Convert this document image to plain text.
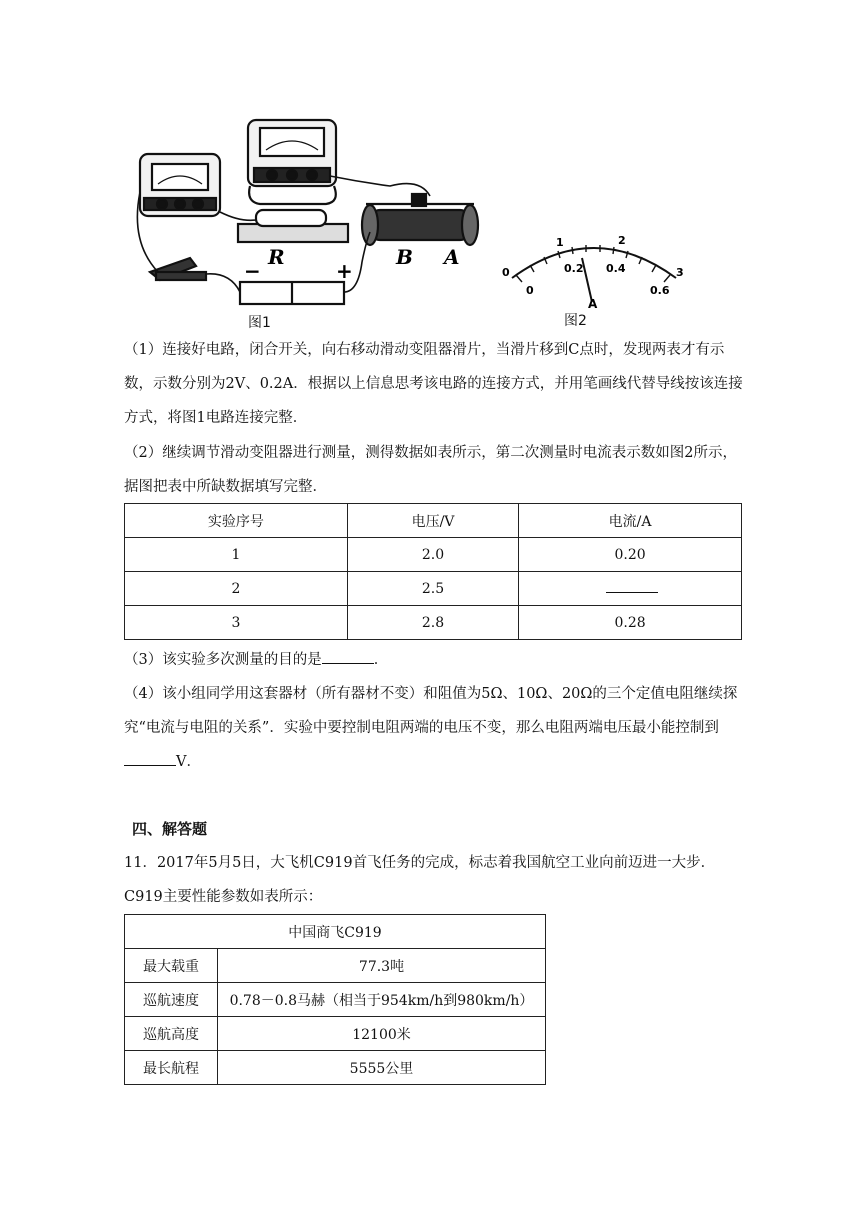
R	B A
−	+
图1
0
1	2
3
0
0.2 0.4
0.6
A
图2
（1）连接好电路，闭合开关，向右移动滑动变阻器滑片，当滑片移到C点时，发现两表才有示数，示数分别为2V、0.2A．根据以上信息思考该电路的连接方式，并用笔画线代替导线按该连接方式，将图1电路连接完整．
（2）继续调节滑动变阻器进行测量，测得数据如表所示，第二次测量时电流表示数如图2所示，据图把表中所缺数据填写完整．
实验序号	电压/V	电流/A
1	2.0	0.20
2	2.5	
3	2.8	0.28
（3）该实验多次测量的目的是	．
（4）该小组同学用这套器材（所有器材不变）和阻值为5Ω、10Ω、20Ω的三个定值电阻继续探究“电流与电阻的关系”．实验中要控制电阻两端的电压不变，那么电阻两端电压最小能控制到V．
四、解答题
11．2017年5月5日，大飞机C919首飞任务的完成，标志着我国航空工业向前迈进一大步．C919主要性能参数如表所示：
中国商飞C919	
最大载重	77.3吨
巡航速度	0.78－0.8马赫（相当于954km/h到980km/h）
巡航高度	12100米
最长航程	5555公里
